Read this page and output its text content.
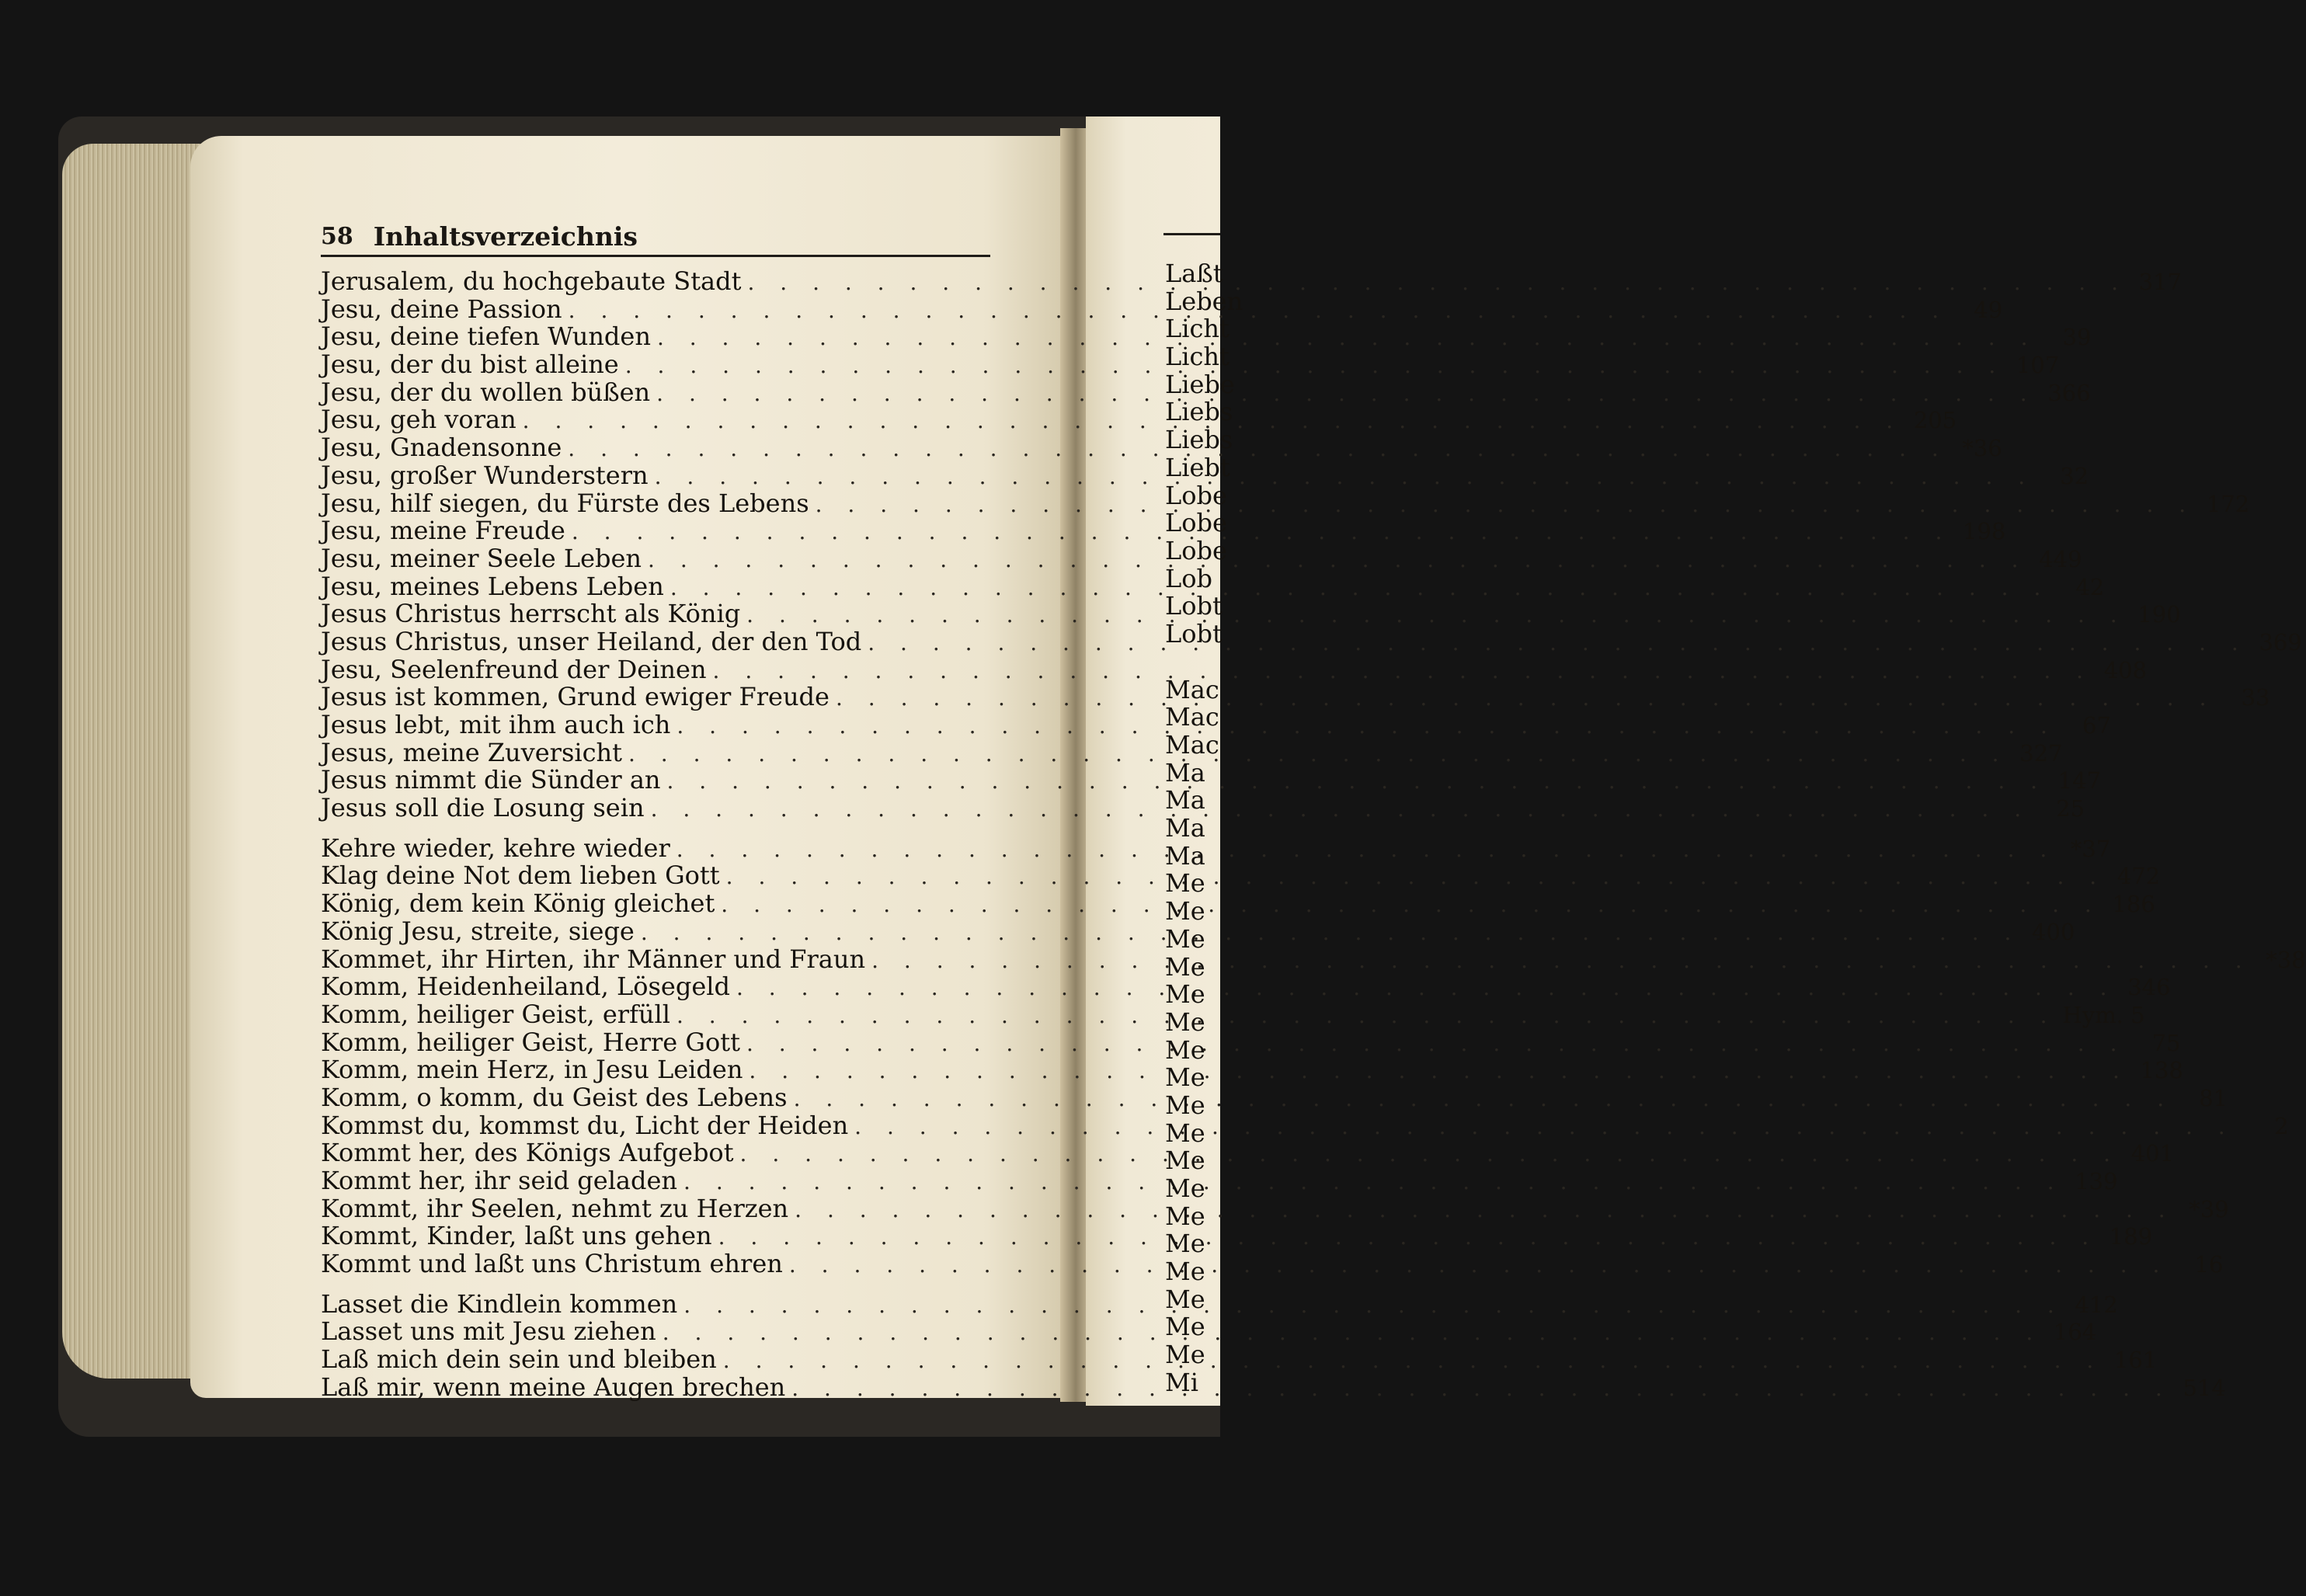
58 Inhaltsverzeichnis
Jerusalem, du hochgebaute Stadt . . .	317
Jesu, deine Passion . . .	49
Jesu, deine tiefen Wunden . . .	39
Jesu, der du bist alleine . . .	107
Jesu, der du wollen büßen . . .	366
Jesu, geh voran . . .	205
Jesu, Gnadensonne . . .	*36
Jesu, großer Wunderstern . . .	32
Jesu, hilf siegen, du Fürste des Lebens . . .	172
Jesu, meine Freude . . .	198
Jesu, meiner Seele Leben . . .	449
Jesu, meines Lebens Leben . . .	42
Jesus Christus herrscht als König . . .	190
Jesus Christus, unser Heiland, der den Tod . . .	369
Jesu, Seelenfreund der Deinen . . .	408
Jesus ist kommen, Grund ewiger Freude . . .	33
Jesus lebt, mit ihm auch ich . . .	67
Jesus, meine Zuversicht . . .	327
Jesus nimmt die Sünder an . . .	147
Jesus soll die Losung sein . . .	25
Kehre wieder, kehre wieder . . .	*37
Klag deine Not dem lieben Gott . . .	472
König, dem kein König gleichet . . .	186
König Jesu, streite, siege . . .	400
Kommet, ihr Hirten, ihr Männer und Fraun . . .	*38
Komm, Heidenheiland, Lösegeld . . .	346
Komm, heiliger Geist, erfüll . . .	Hym. 5
Komm, heiliger Geist, Herre Gott . . .	75
Komm, mein Herz, in Jesu Leiden . . .	138
Komm, o komm, du Geist des Lebens . . .	81
Kommst du, kommst du, Licht der Heiden . . .	2
Kommt her, des Königs Aufgebot . . .	401
Kommt her, ihr seid geladen . . .	139
Kommt, ihr Seelen, nehmt zu Herzen . . .	*39
Kommt, Kinder, laßt uns gehen . . .	189
Kommt und laßt uns Christum ehren . . .	16
Lasset die Kindlein kommen . . .	412
Lasset uns mit Jesu ziehen . . .	164
Laß mich dein sein und bleiben . . .	161
Laß mir, wenn meine Augen brechen . . .	514
Laßt
Leben
Licht
Licht
Liebe
Liebs
Liebs
Liebt
Lobe
Lobe
Lobe
Lob
Lobt
Lobt
Mac
Mac
Mac
Ma
Ma
Ma
Ma
Me
Me
Me
Me
Me
Me
Me
Me
Me
Me
Me
Me
Me
Me
Me
Me
Me
Me
Mi
